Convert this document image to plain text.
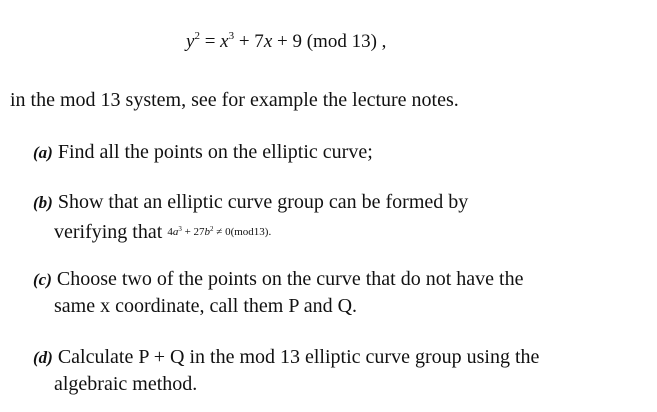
$y^2 = x^3 + 7x + 9$ (mod 13) ,
in the mod 13 system, see for example the lecture notes.
(a) Find all the points on the elliptic curve;
(b) Show that an elliptic curve group can be formed by
verifying that $4a^3 + 27b^2 \ne 0(mod13)$.
(c) Choose two of the points on the curve that do not have the
same x coordinate, call them P and Q.
(d) Calculate P + Q in the mod 13 elliptic curve group using the
algebraic method.
